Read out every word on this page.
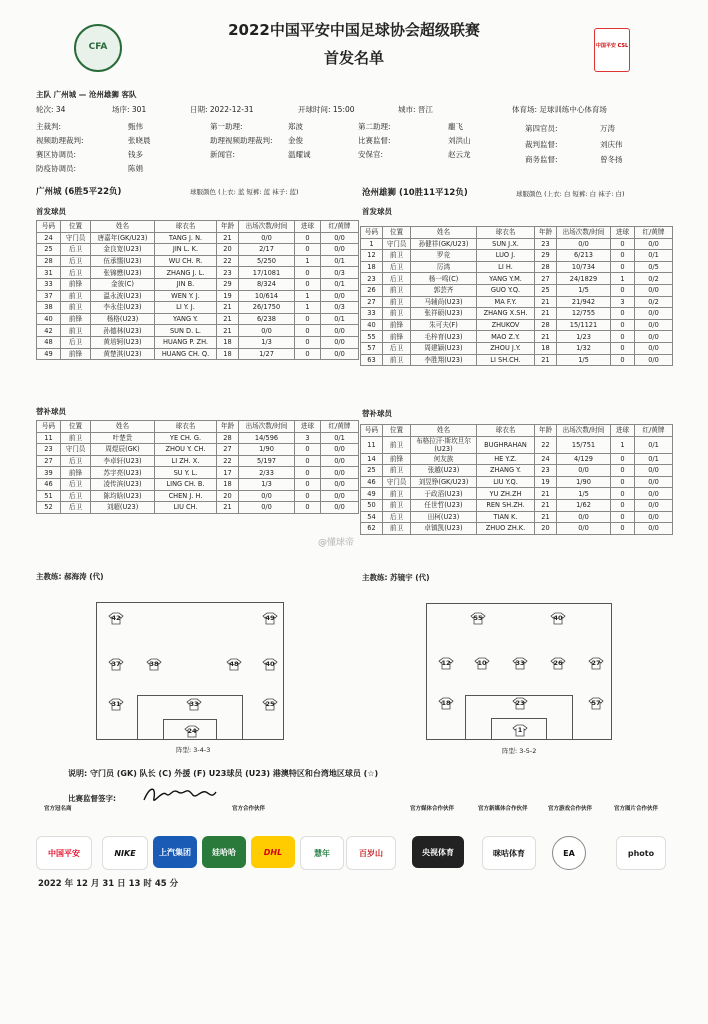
CFA	中国平安 CSL
2022中国平安中国足球协会超级联赛
首发名单
主队 广州城 — 沧州雄狮 客队
轮次: 34	场序: 301	日期: 2022-12-31	开球时间: 15:00	城市: 晋江	体育场: 足球训练中心体育场
主裁判:	甄伟	第一助理:	郑波	第二助理:	龐飞	第四官员:	万涛
视频助理裁判:	张晓晨	助理视频助理裁判: 金俊	比赛监督:	刘洪山	裁判监督:	刘庆伟
赛区协调员:	钱多	新闻官:	温耀诚	安保官:	赵云龙
商务监督:	曾冬扬
防疫协调员:	陈娟
广州城 (6胜5平22负)	球服颜色 (上衣: 蓝 短裤: 蓝 袜子: 蓝)	沧州雄狮 (10胜11平12负)	球服颜色 (上衣: 白 短裤: 白 袜子: 白)
首发球员	首发球员
号码	位置	姓名	球衣名	年龄	出场次数/时间	进球	红/黄牌
24	守门员	唐嘉年(GK/U23)	TANG J. N.	21	0/0	0	0/0
25	后卫	金良宽(U23)	JIN L. K.	20	2/17	0	0/0
28	后卫	伍承懦(U23)	WU CH. R.	22	5/250	1	0/1
31	后卫	张锦懋(U23)	ZHANG J. L.	23	17/1081	0	0/3
33	前锋	金彼(C)	JIN B.	29	8/324	0	0/1
37	前卫	温永波(U23)	WEN Y. J.	19	10/614	1	0/0
38	前卫	李永佳(U23)	LI Y. J.	21	26/1750	1	0/3
40	前锋	杨格(U23)	YANG Y.	21	6/238	0	0/1
42	前卫	孙德林(U23)	SUN D. L.	21	0/0	0	0/0
48	后卫	黄培轲(U23)	HUANG P. ZH.	18	1/3	0	0/0
49	前锋	黄楚淇(U23)	HUANG CH. Q.	18	1/27	0	0/0
号码	位置	姓名	球衣名	年龄	出场次数/时间	进球	红/黄牌
1	守门员	孙健祥(GK/U23)	SUN J.X.	23	0/0	0	0/0
12	前卫	罗竞	LUO J.	29	6/213	0	0/1
18	后卫	厉鸿	LI H.	28	10/734	0	0/5
23	后卫	杨一鸣(C)	YANG Y.M.	27	24/1829	1	0/2
26	前卫	郭芸齐	GUO Y.Q.	25	1/5	0	0/0
27	前卫	马辅尚(U23)	MA F.Y.	21	21/942	3	0/2
33	前卫	张祥硕(U23)	ZHANG X.SH.	21	12/755	0	0/0
40	前锋	朱可夫(F)	ZHUKOV	28	15/1121	0	0/0
55	前锋	毛梓育(U23)	MAO Z.Y.	21	1/23	0	0/0
57	后卫	周建颖(U23)	ZHOU J.Y.	18	1/32	0	0/0
63	前卫	李胜翔(U23)	LI SH.CH.	21	1/5	0	0/0
替补球员	替补球员
号码	位置	姓名	球衣名	年龄	出场次数/时间	进球	红/黄牌
11	前卫	叶楚贵	YE CH. G.	28	14/596	3	0/1
23	守门员	周煜辰(GK)	ZHOU Y. CH.	27	1/90	0	0/0
27	后卫	李卓轩(U23)	LI ZH. X.	22	5/197	0	0/0
39	前锋	苏宇亮(U23)	SU Y. L.	17	2/33	0	0/0
46	后卫	凌传滨(U23)	LING CH. B.	18	1/3	0	0/0
51	后卫	陈均晗(U23)	CHEN J. H.	20	0/0	0	0/0
52	后卫	刘超(U23)	LIU CH.	21	0/0	0	0/0
号码	位置	姓名	球衣名	年龄	出场次数/时间	进球	红/黄牌
11	前卫	布格拉汗·斯坎旦尔(U23)	BUGHRAHAN	22	15/751	1	0/1
14	前锋	何友族	HE Y.Z.	24	4/129	0	0/1
25	前卫	张越(U23)	ZHANG Y.	23	0/0	0	0/0
46	守门员	刘昱铮(GK/U23)	LIU Y.Q.	19	1/90	0	0/0
49	前卫	于政滔(U23)	YU ZH.ZH	21	1/5	0	0/0
50	前卫	任世哲(U23)	REN SH.ZH.	21	1/62	0	0/0
54	后卫	田柯(U23)	TIAN K.	21	0/0	0	0/0
62	前卫	卓镇凯(U23)	ZHUO ZH.K.	20	0/0	0	0/0
主教练: 郝海涛 (代)	主教练: 苏镜宇 (代)
@懂球帝
阵型: 3-4-3	阵型: 3-5-2
42	49
37	38	48	40
31	33	25
24
55	40
12	10	33	26	27
18	23	57
1
说明: 守门员 (GK) 队长 (C) 外援 (F) U23球员 (U23) 港澳特区和台湾地区球员 (☆)
比赛监督签字:
官方冠名商	官方合作伙伴	官方媒体合作伙伴	官方新媒体合作伙伴	官方游戏合作伙伴	官方图片合作伙伴
中国平安	NIKE	上汽集团	娃哈哈	DHL	慧年	百岁山	央视体育	咪咕体育	EA	photo
2022 年 12 月 31 日 13 时 45 分
